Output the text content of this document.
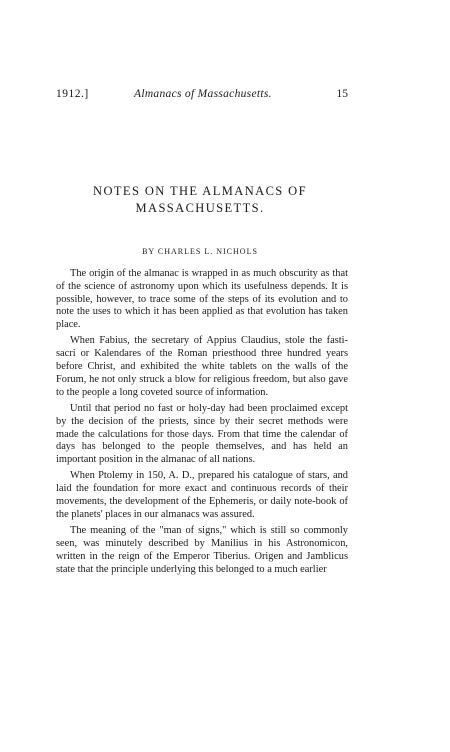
1912.]	Almanacs of Massachusetts.	15
NOTES ON THE ALMANACS OF
MASSACHUSETTS.
BY CHARLES L. NICHOLS

The origin of the almanac is wrapped in as much obscurity as that of the science of astronomy upon which its usefulness depends. It is possible, however, to trace some of the steps of its evolution and to note the uses to which it has been applied as that evolution has taken place.

When Fabius, the secretary of Appius Claudius, stole the fasti-sacri or Kalendares of the Roman priesthood three hundred years before Christ, and exhibited the white tablets on the walls of the Forum, he not only struck a blow for religious freedom, but also gave to the people a long coveted source of information.

Until that period no fast or holy-day had been proclaimed except by the decision of the priests, since by their secret methods were made the calculations for those days. From that time the calendar of days has belonged to the people themselves, and has held an important position in the almanac of all nations.

When Ptolemy in 150, A. D., prepared his catalogue of stars, and laid the foundation for more exact and continuous records of their movements, the development of the Ephemeris, or daily note-book of the planets' places in our almanacs was assured.

The meaning of the "man of signs," which is still so commonly seen, was minutely described by Manilius in his Astronomicon, written in the reign of the Emperor Tiberius. Origen and Jamblicus state that the principle underlying this belonged to a much earlier
